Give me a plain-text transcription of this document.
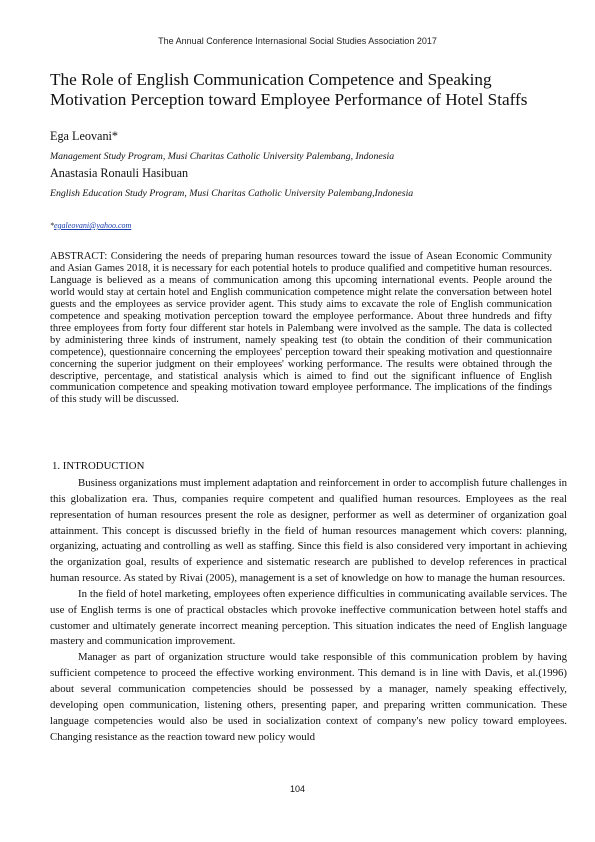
The Annual Conference Internasional Social Studies Association 2017
The Role of English Communication Competence and Speaking
Motivation Perception toward Employee Performance of Hotel Staffs
Ega Leovani*
Management Study Program, Musi Charitas Catholic University Palembang, Indonesia
Anastasia Ronauli Hasibuan
English Education Study Program, Musi Charitas Catholic University Palembang,Indonesia
*egaleovani@yahoo.com

ABSTRACT: Considering the needs of preparing human resources toward the issue of Asean Economic Community and Asian Games 2018, it is necessary for each potential hotels to produce qualified and competitive human resources. Language is believed as a means of communication among this upcoming international events. People around the world would stay at certain hotel and English communication competence might relate the conversation between hotel guests and the employees as service provider agent. This study aims to excavate the role of English communication competence and speaking motivation perception toward the employee performance. About three hundreds and fifty three employees from forty four different star hotels in Palembang were involved as the sample. The data is collected by administering three kinds of instrument, namely speaking test (to obtain the condition of their communication competence), questionnaire concerning the employees' perception toward their speaking motivation and questionnaire concerning the superior judgment on their employees' working performance. The results were obtained through the descriptive, percentage, and statistical analysis which is aimed to find out the significant influence of English communication competence and speaking motivation toward employee performance. The implications of the findings of this study will be discussed.

1. INTRODUCTION

Business organizations must implement adaptation and reinforcement in order to accomplish future challenges in this globalization era. Thus, companies require competent and qualified human resources. Employees as the real representation of human resources present the role as designer, performer as well as determiner of organization goal attainment. This concept is discussed briefly in the field of human resources management which covers: planning, organizing, actuating and controlling as well as staffing. Since this field is also considered very important in achieving the organization goal, results of experience and sistematic research are published to develop references in practical human resource. As stated by Rivai (2005), management is a set of knowledge on how to manage the human resources.

In the field of hotel marketing, employees often experience difficulties in communicating available services. The use of English terms is one of practical obstacles which provoke ineffective communication between hotel staffs and customer and ultimately generate incorrect meaning perception. This situation indicates the need of English language mastery and communication improvement.

Manager as part of organization structure would take responsible of this communication problem by having sufficient competence to proceed the effective working environment. This demand is in line with Davis, et al.(1996) about several communication competencies should be possessed by a manager, namely speaking effectively, developing open communication, listening others, presenting paper, and preparing written communication. These language competencies would also be used in socialization context of company's new policy toward employees. Changing resistance as the reaction toward new policy would

104
